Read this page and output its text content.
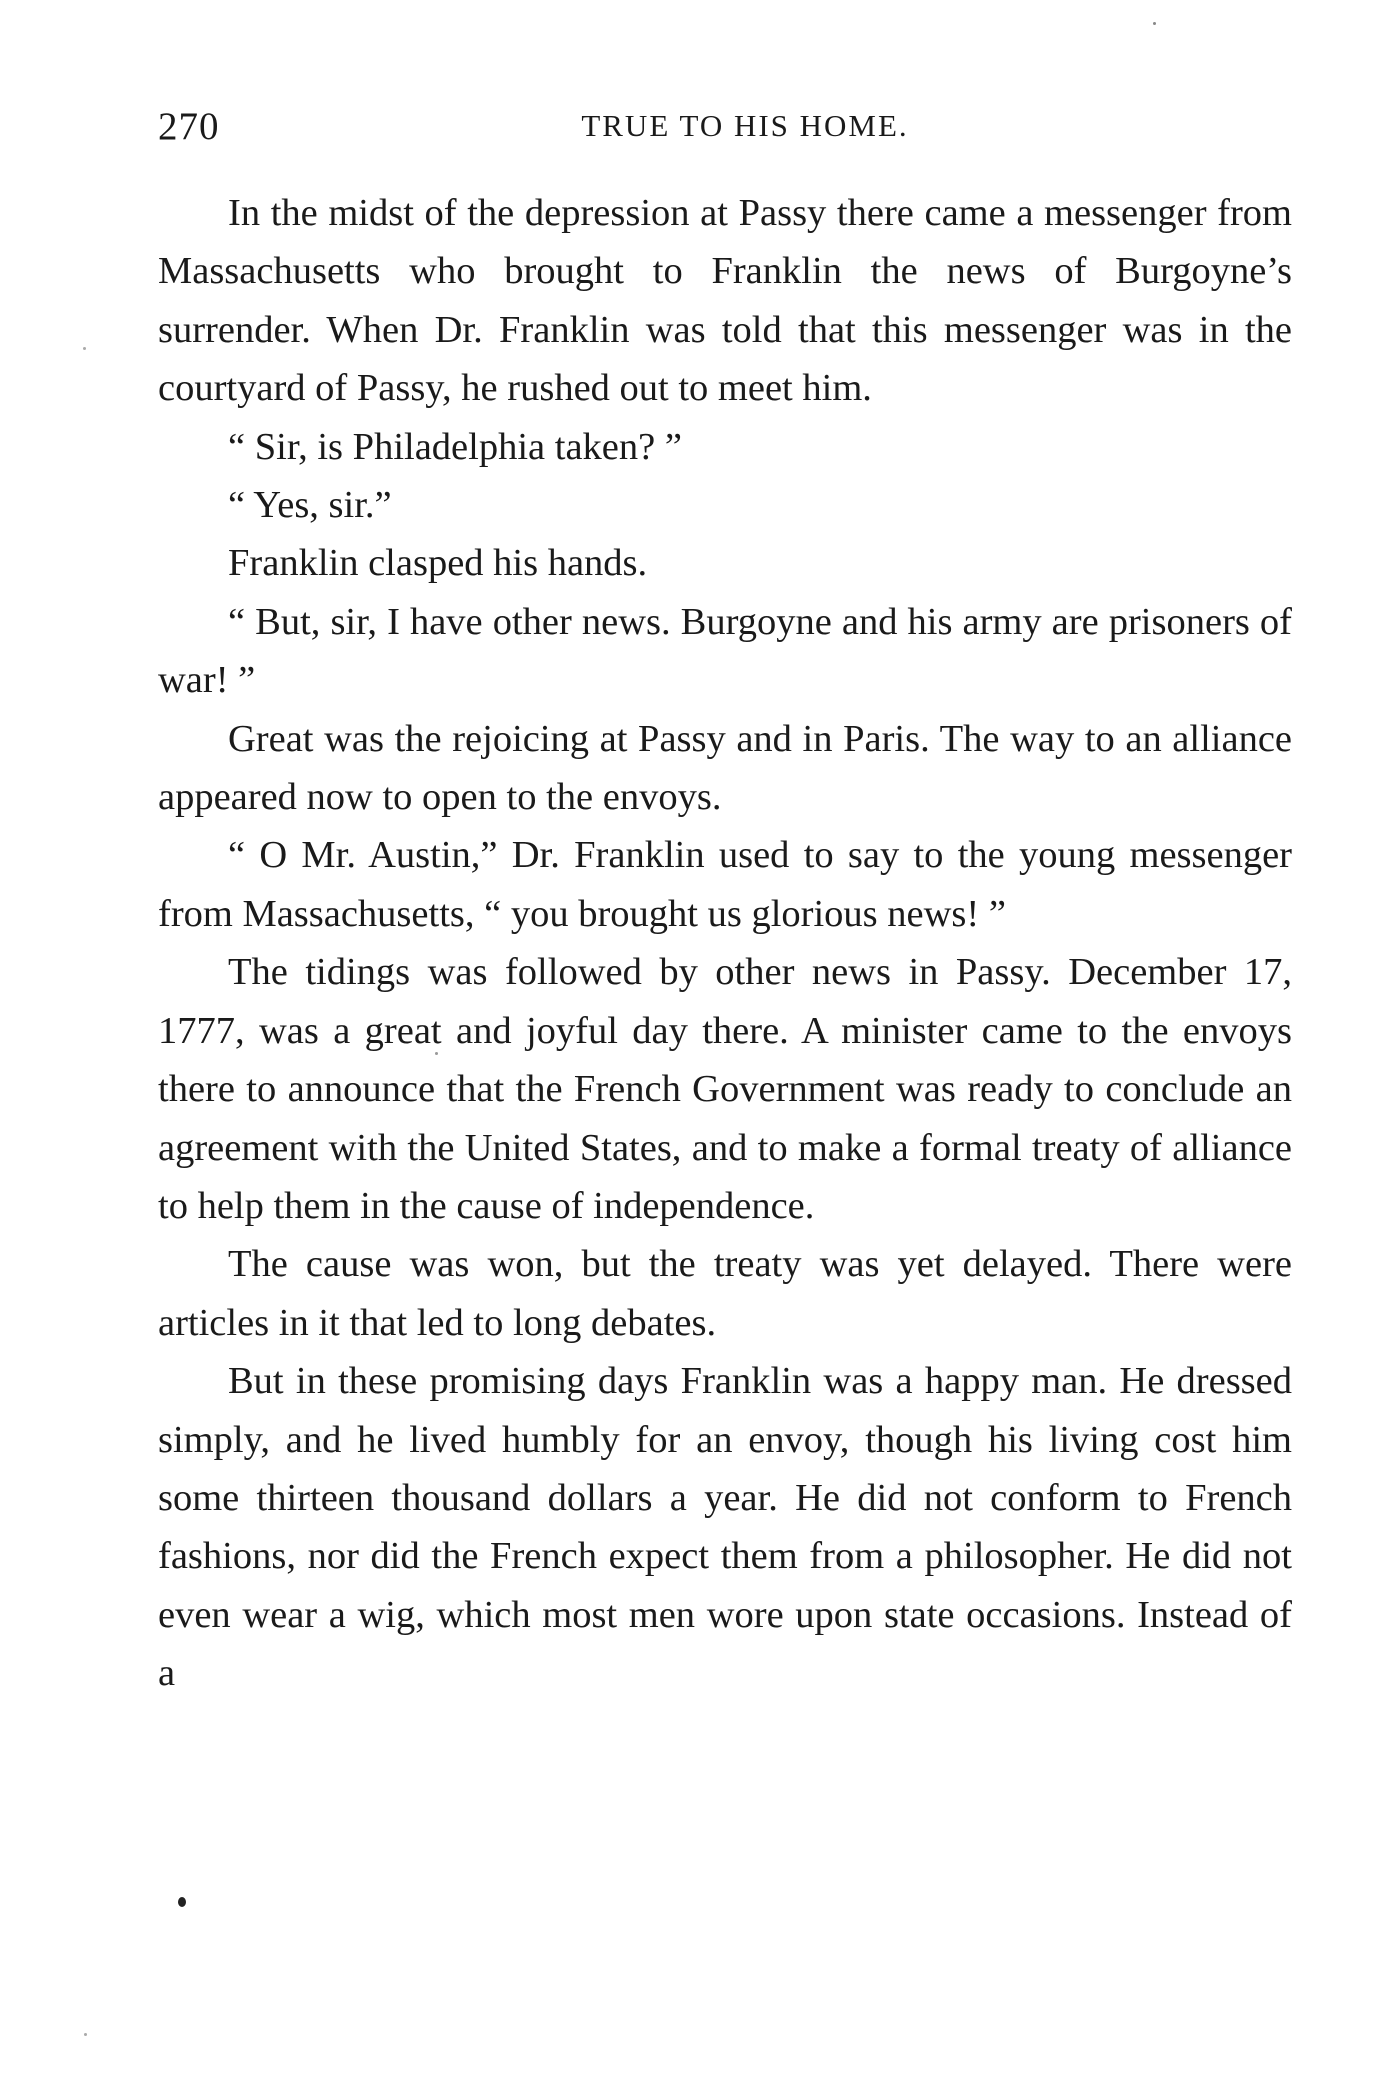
270	TRUE TO HIS HOME.

In the midst of the depression at Passy there came a messenger from Massachusetts who brought to Franklin the news of Burgoyne’s surrender. When Dr. Franklin was told that this messenger was in the courtyard of Passy, he rushed out to meet him.

“ Sir, is Philadelphia taken? ”

“ Yes, sir.”

Franklin clasped his hands.

“ But, sir, I have other news. Burgoyne and his army are prisoners of war! ”

Great was the rejoicing at Passy and in Paris. The way to an alliance appeared now to open to the envoys.

“ O Mr. Austin,” Dr. Franklin used to say to the young messenger from Massachusetts, “ you brought us glorious news! ”

The tidings was followed by other news in Passy. December 17, 1777, was a great and joyful day there. A minister came to the envoys there to announce that the French Government was ready to conclude an agreement with the United States, and to make a formal treaty of alliance to help them in the cause of independence.

The cause was won, but the treaty was yet delayed. There were articles in it that led to long debates.

But in these promising days Franklin was a happy man. He dressed simply, and he lived humbly for an envoy, though his living cost him some thirteen thousand dollars a year. He did not conform to French fashions, nor did the French expect them from a philosopher. He did not even wear a wig, which most men wore upon state occasions. Instead of a
